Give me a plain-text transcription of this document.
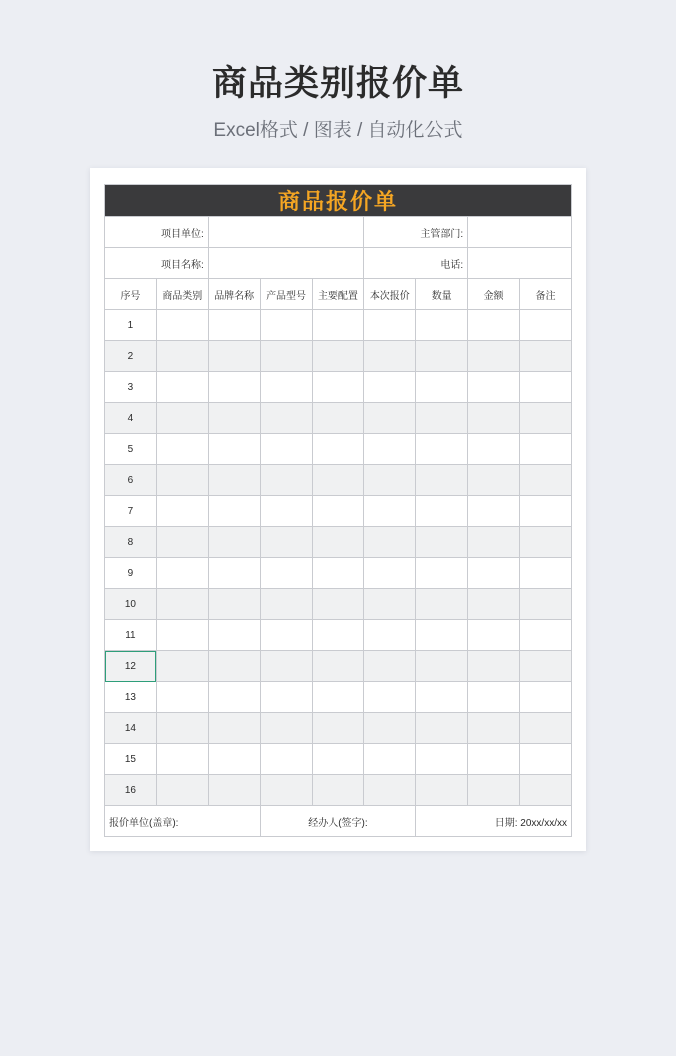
商品类别报价单
Excel格式 / 图表 / 自动化公式
商品报价单								
项目单位:					主管部门:			
项目名称:					电话:			
序号	商品类别	品牌名称	产品型号	主要配置	本次报价	数量	金额	备注
1								
2								
3								
4								
5								
6								
7								
8								
9								
10								
11								
12								
13								
14								
15								
16								
报价单位(盖章):			经办人(签字):			日期: 20xx/xx/xx		
